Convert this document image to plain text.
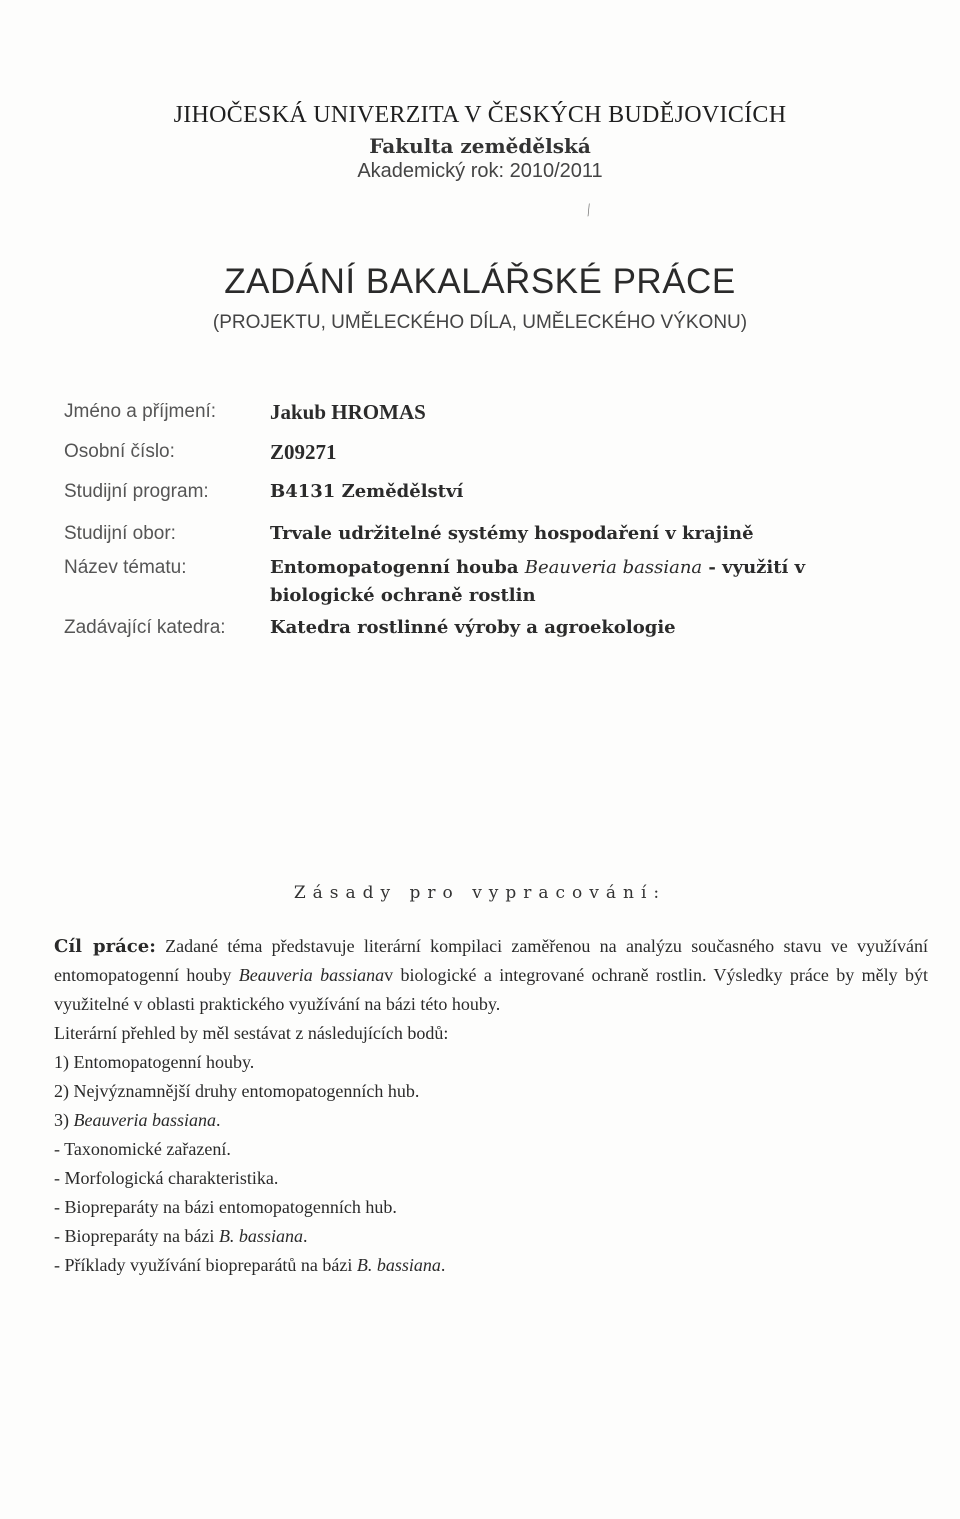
JIHOČESKÁ UNIVERZITA V ČESKÝCH BUDĚJOVICÍCH
Fakulta zemědělská
Akademický rok: 2010/2011
⁄
ZADÁNÍ BAKALÁŘSKÉ PRÁCE
(PROJEKTU, UMĚLECKÉHO DÍLA, UMĚLECKÉHO VÝKONU)
Jméno a příjmení:	Jakub HROMAS
Osobní číslo:	Z09271
Studijní program:	B4131 Zemědělství
Studijní obor:	Trvale udržitelné systémy hospodaření v krajině
Název tématu:	Entomopatogenní houba Beauveria bassiana - využití v
biologické ochraně rostlin
Zadávající katedra:	Katedra rostlinné výroby a agroekologie
Zásady pro vypracování:
Cíl práce: Zadané téma představuje literární kompilaci zaměřenou na analýzu současného stavu ve využívání entomopatogenní houby Beauveria bassianav biologické a integrované ochraně rostlin. Výsledky práce by měly být využitelné v oblasti praktického využívání na bázi této houby.
Literární přehled by měl sestávat z následujících bodů:
1) Entomopatogenní houby.
2) Nejvýznamnější druhy entomopatogenních hub.
3) Beauveria bassiana.
- Taxonomické zařazení.
- Morfologická charakteristika.
- Biopreparáty na bázi entomopatogenních hub.
- Biopreparáty na bázi B. bassiana.
- Příklady využívání biopreparátů na bázi B. bassiana.
